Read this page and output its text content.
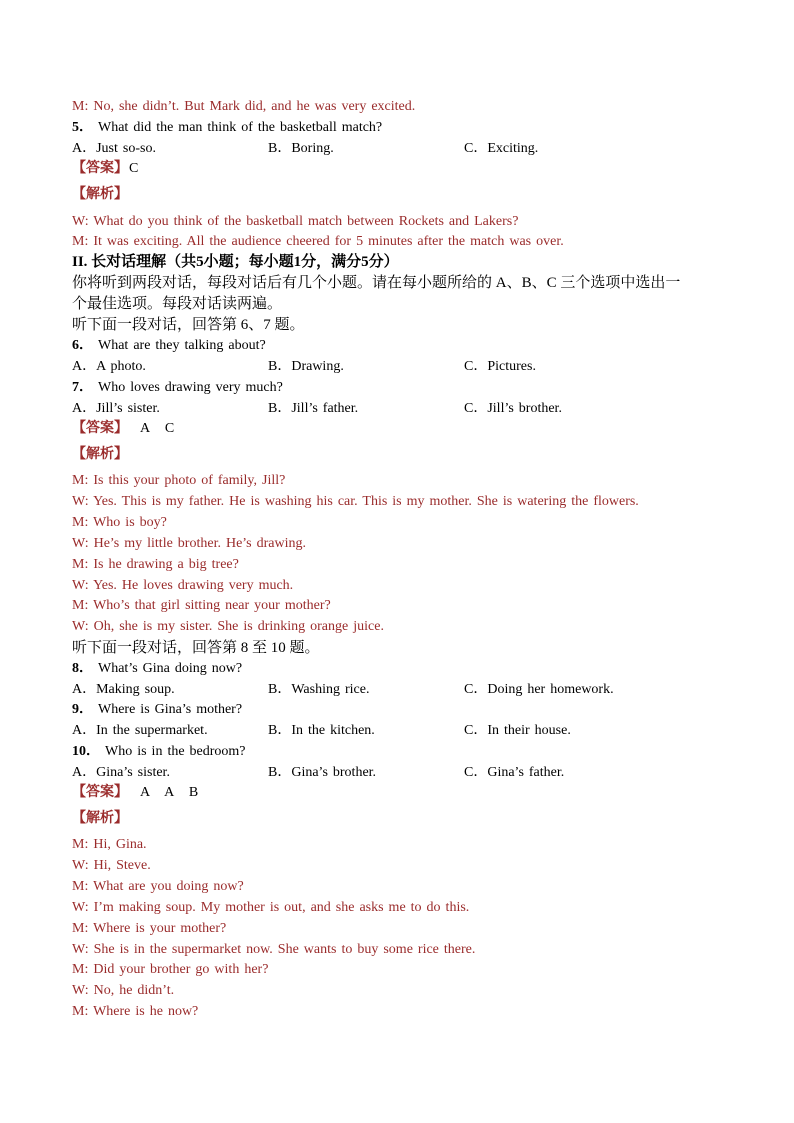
M: No, she didn’t. But Mark did, and he was very excited.
5． What did the man think of the basketball match?
A．Just so-so.	B．Boring.	C．Exciting.
【答案】C
【解析】
W: What do you think of the basketball match between Rockets and Lakers?
M: It was exciting. All the audience cheered for 5 minutes after the match was over.
II. 长对话理解（共5小题；每小题1分，满分5分）
你将听到两段对话，每段对话后有几个小题。请在每小题所给的 A、B、C 三个选项中选出一
个最佳选项。每段对话读两遍。
听下面一段对话，回答第 6、7 题。
6． What are they talking about?
A．A photo.	B．Drawing.	C．Pictures.
7． Who loves drawing very much?
A．Jill’s sister.	B．Jill’s father.	C．Jill’s brother.
【答案】 A C
【解析】
M: Is this your photo of family, Jill?
W: Yes. This is my father. He is washing his car. This is my mother. She is watering the flowers.
M: Who is boy?
W: He’s my little brother. He’s drawing.
M: Is he drawing a big tree?
W: Yes. He loves drawing very much.
M: Who’s that girl sitting near your mother?
W: Oh, she is my sister. She is drinking orange juice.
听下面一段对话，回答第 8 至 10 题。
8． What’s Gina doing now?
A．Making soup.	B．Washing rice.	C．Doing her homework.
9． Where is Gina’s mother?
A．In the supermarket.	B．In the kitchen.	C．In their house.
10． Who is in the bedroom?
A．Gina’s sister.	B．Gina’s brother.	C．Gina’s father.
【答案】 A A B
【解析】
M: Hi, Gina.
W: Hi, Steve.
M: What are you doing now?
W: I’m making soup. My mother is out, and she asks me to do this.
M: Where is your mother?
W: She is in the supermarket now. She wants to buy some rice there.
M: Did your brother go with her?
W: No, he didn’t.
M: Where is he now?
